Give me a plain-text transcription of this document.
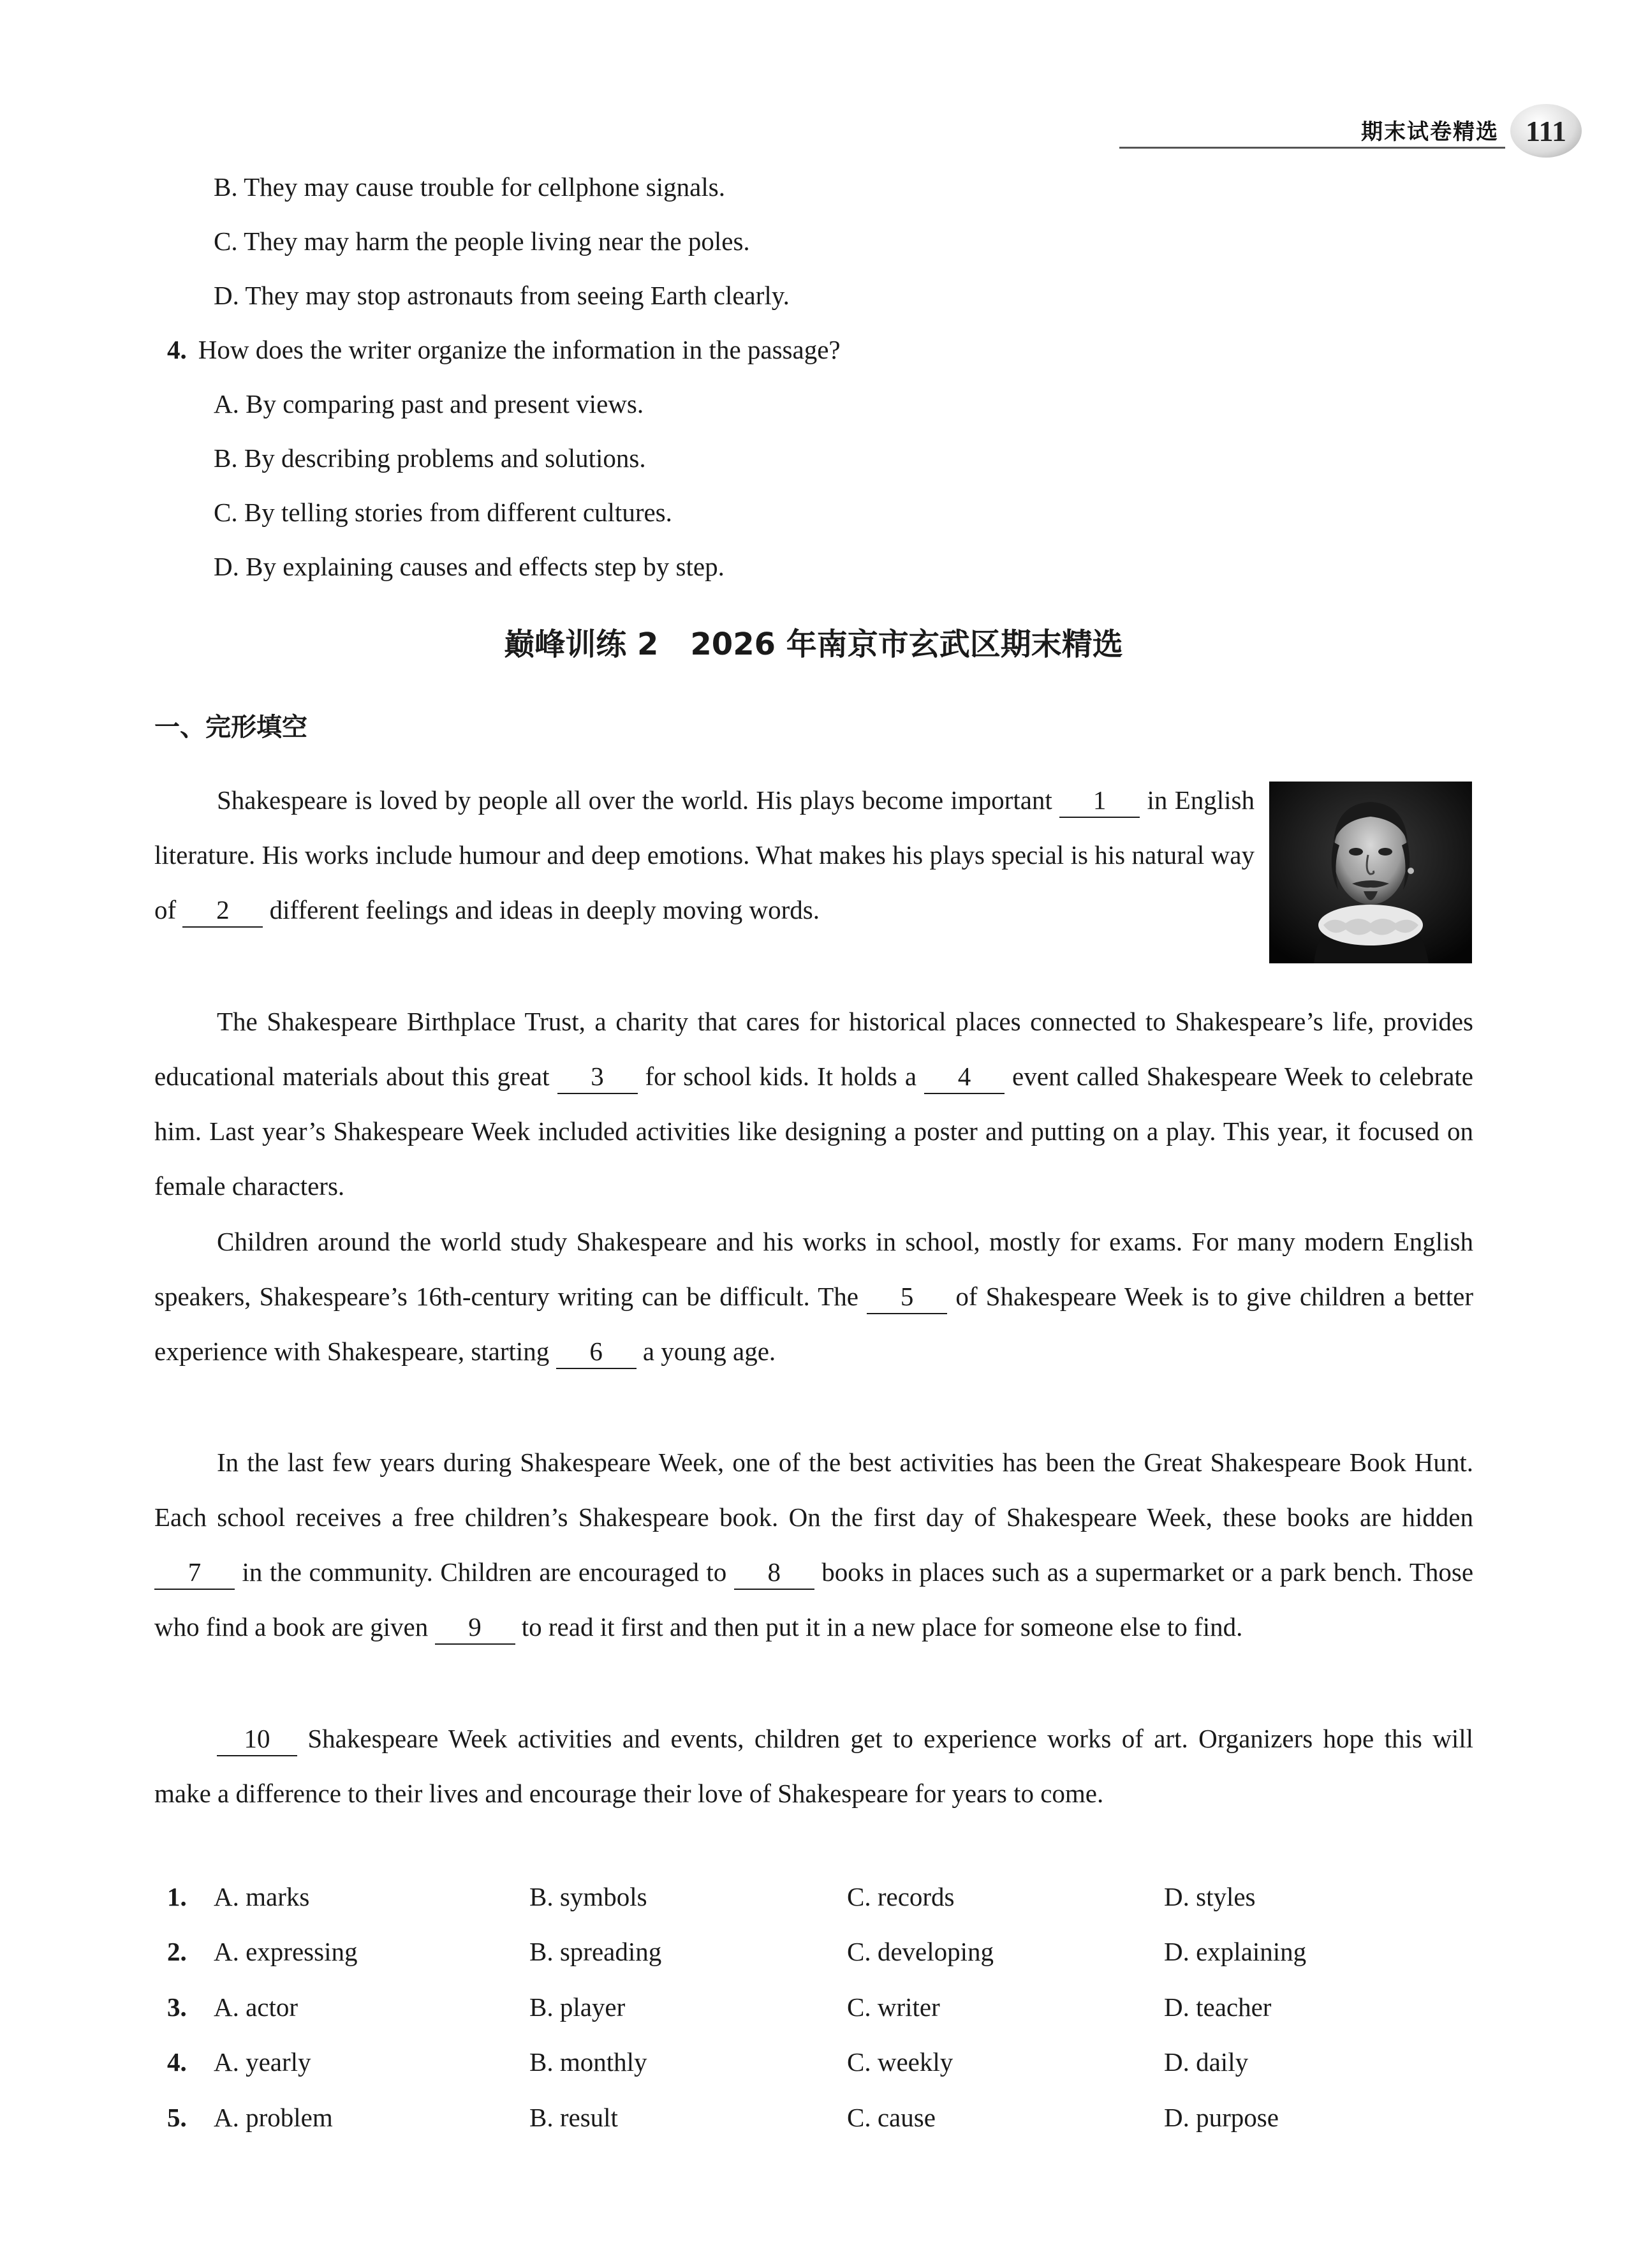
期末试卷精选 111
B. They may cause trouble for cellphone signals.
C. They may harm the people living near the poles.
D. They may stop astronauts from seeing Earth clearly.
4. How does the writer organize the information in the passage?
A. By comparing past and present views.
B. By describing problems and solutions.
C. By telling stories from different cultures.
D. By explaining causes and effects step by step.
巅峰训练 2 2026 年南京市玄武区期末精选
一、完形填空

Shakespeare is loved by people all over the world. His plays become important 1 in English literature. His works include humour and deep emotions. What makes his plays special is his natural way of 2 different feelings and ideas in deeply moving words.

The Shakespeare Birthplace Trust, a charity that cares for historical places connected to Shakespeare’s life, provides educational materials about this great 3 for school kids. It holds a 4 event called Shakespeare Week to celebrate him. Last year’s Shakespeare Week included activities like designing a poster and putting on a play. This year, it focused on female characters.

Children around the world study Shakespeare and his works in school, mostly for exams. For many modern English speakers, Shakespeare’s 16th-century writing can be difficult. The 5 of Shakespeare Week is to give children a better experience with Shakespeare, starting 6 a young age.

In the last few years during Shakespeare Week, one of the best activities has been the Great Shakespeare Book Hunt. Each school receives a free children’s Shakespeare book. On the first day of Shakespeare Week, these books are hidden 7 in the community. Children are encouraged to 8 books in places such as a supermarket or a park bench. Those who find a book are given 9 to read it first and then put it in a new place for someone else to find.

10 Shakespeare Week activities and events, children get to experience works of art. Organizers hope this will make a difference to their lives and encourage their love of Shakespeare for years to come.

1. A. marks	B. symbols	C. records	D. styles
2. A. expressing	B. spreading	C. developing	D. explaining
3. A. actor	B. player	C. writer	D. teacher
4. A. yearly	B. monthly	C. weekly	D. daily
5. A. problem	B. result	C. cause	D. purpose
